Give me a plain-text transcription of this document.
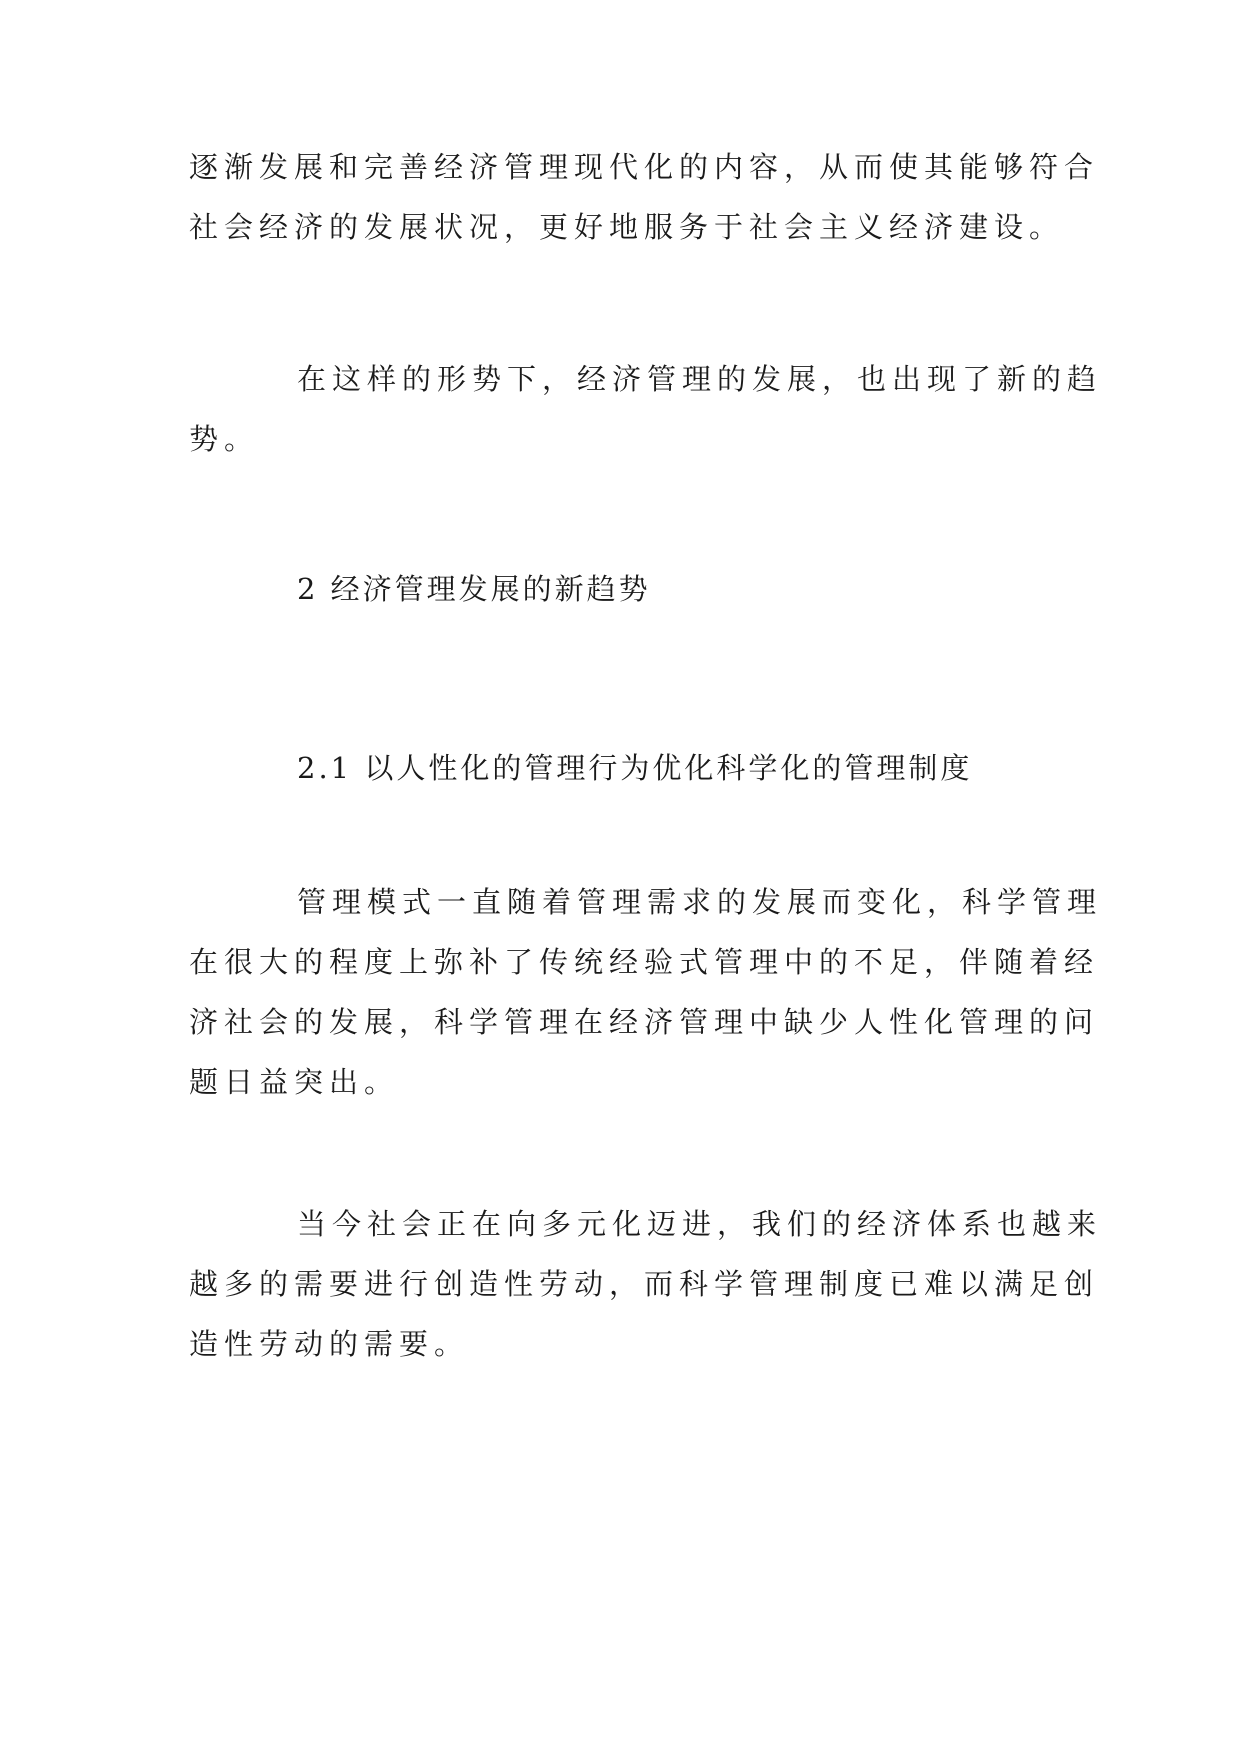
逐渐发展和完善经济管理现代化的内容，从而使其能够符合
社会经济的发展状况，更好地服务于社会主义经济建设。
在这样的形势下，经济管理的发展，也出现了新的趋
势。
2 经济管理发展的新趋势
2.1 以人性化的管理行为优化科学化的管理制度
管理模式一直随着管理需求的发展而变化，科学管理
在很大的程度上弥补了传统经验式管理中的不足，伴随着经
济社会的发展，科学管理在经济管理中缺少人性化管理的问
题日益突出。
当今社会正在向多元化迈进，我们的经济体系也越来
越多的需要进行创造性劳动，而科学管理制度已难以满足创
造性劳动的需要。
